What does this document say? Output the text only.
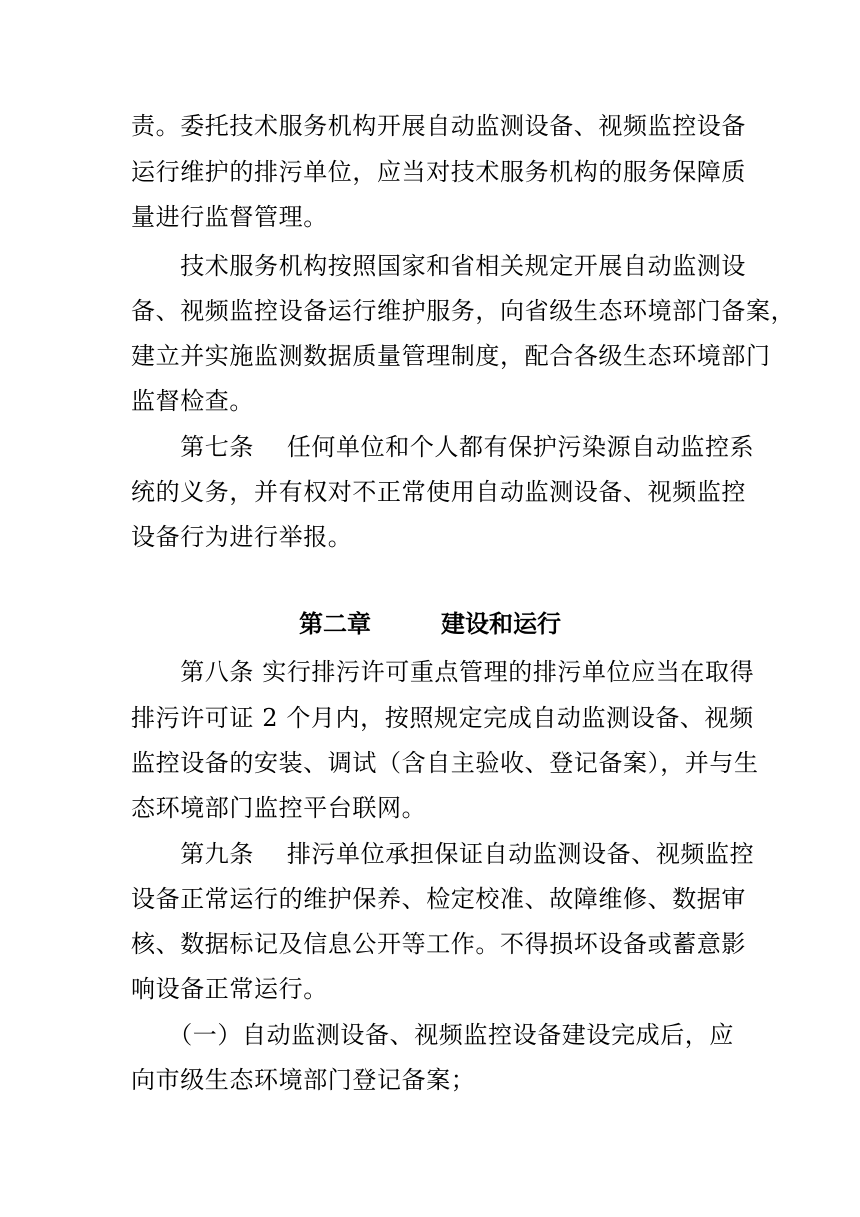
责。委托技术服务机构开展自动监测设备、视频监控设备
运行维护的排污单位，应当对技术服务机构的服务保障质
量进行监督管理。
　　技术服务机构按照国家和省相关规定开展自动监测设
备、视频监控设备运行维护服务，向省级生态环境部门备案，
建立并实施监测数据质量管理制度，配合各级生态环境部门
监督检查。
　　第七条　 任何单位和个人都有保护污染源自动监控系
统的义务，并有权对不正常使用自动监测设备、视频监控
设备行为进行举报。
第二章	建设和运行
　　第八条 实行排污许可重点管理的排污单位应当在取得
排污许可证 2 个月内，按照规定完成自动监测设备、视频
监控设备的安装、调试（含自主验收、登记备案），并与生
态环境部门监控平台联网。
　　第九条　 排污单位承担保证自动监测设备、视频监控
设备正常运行的维护保养、检定校准、故障维修、数据审
核、数据标记及信息公开等工作。不得损坏设备或蓄意影
响设备正常运行。
　　（一）自动监测设备、视频监控设备建设完成后，应
向市级生态环境部门登记备案；
